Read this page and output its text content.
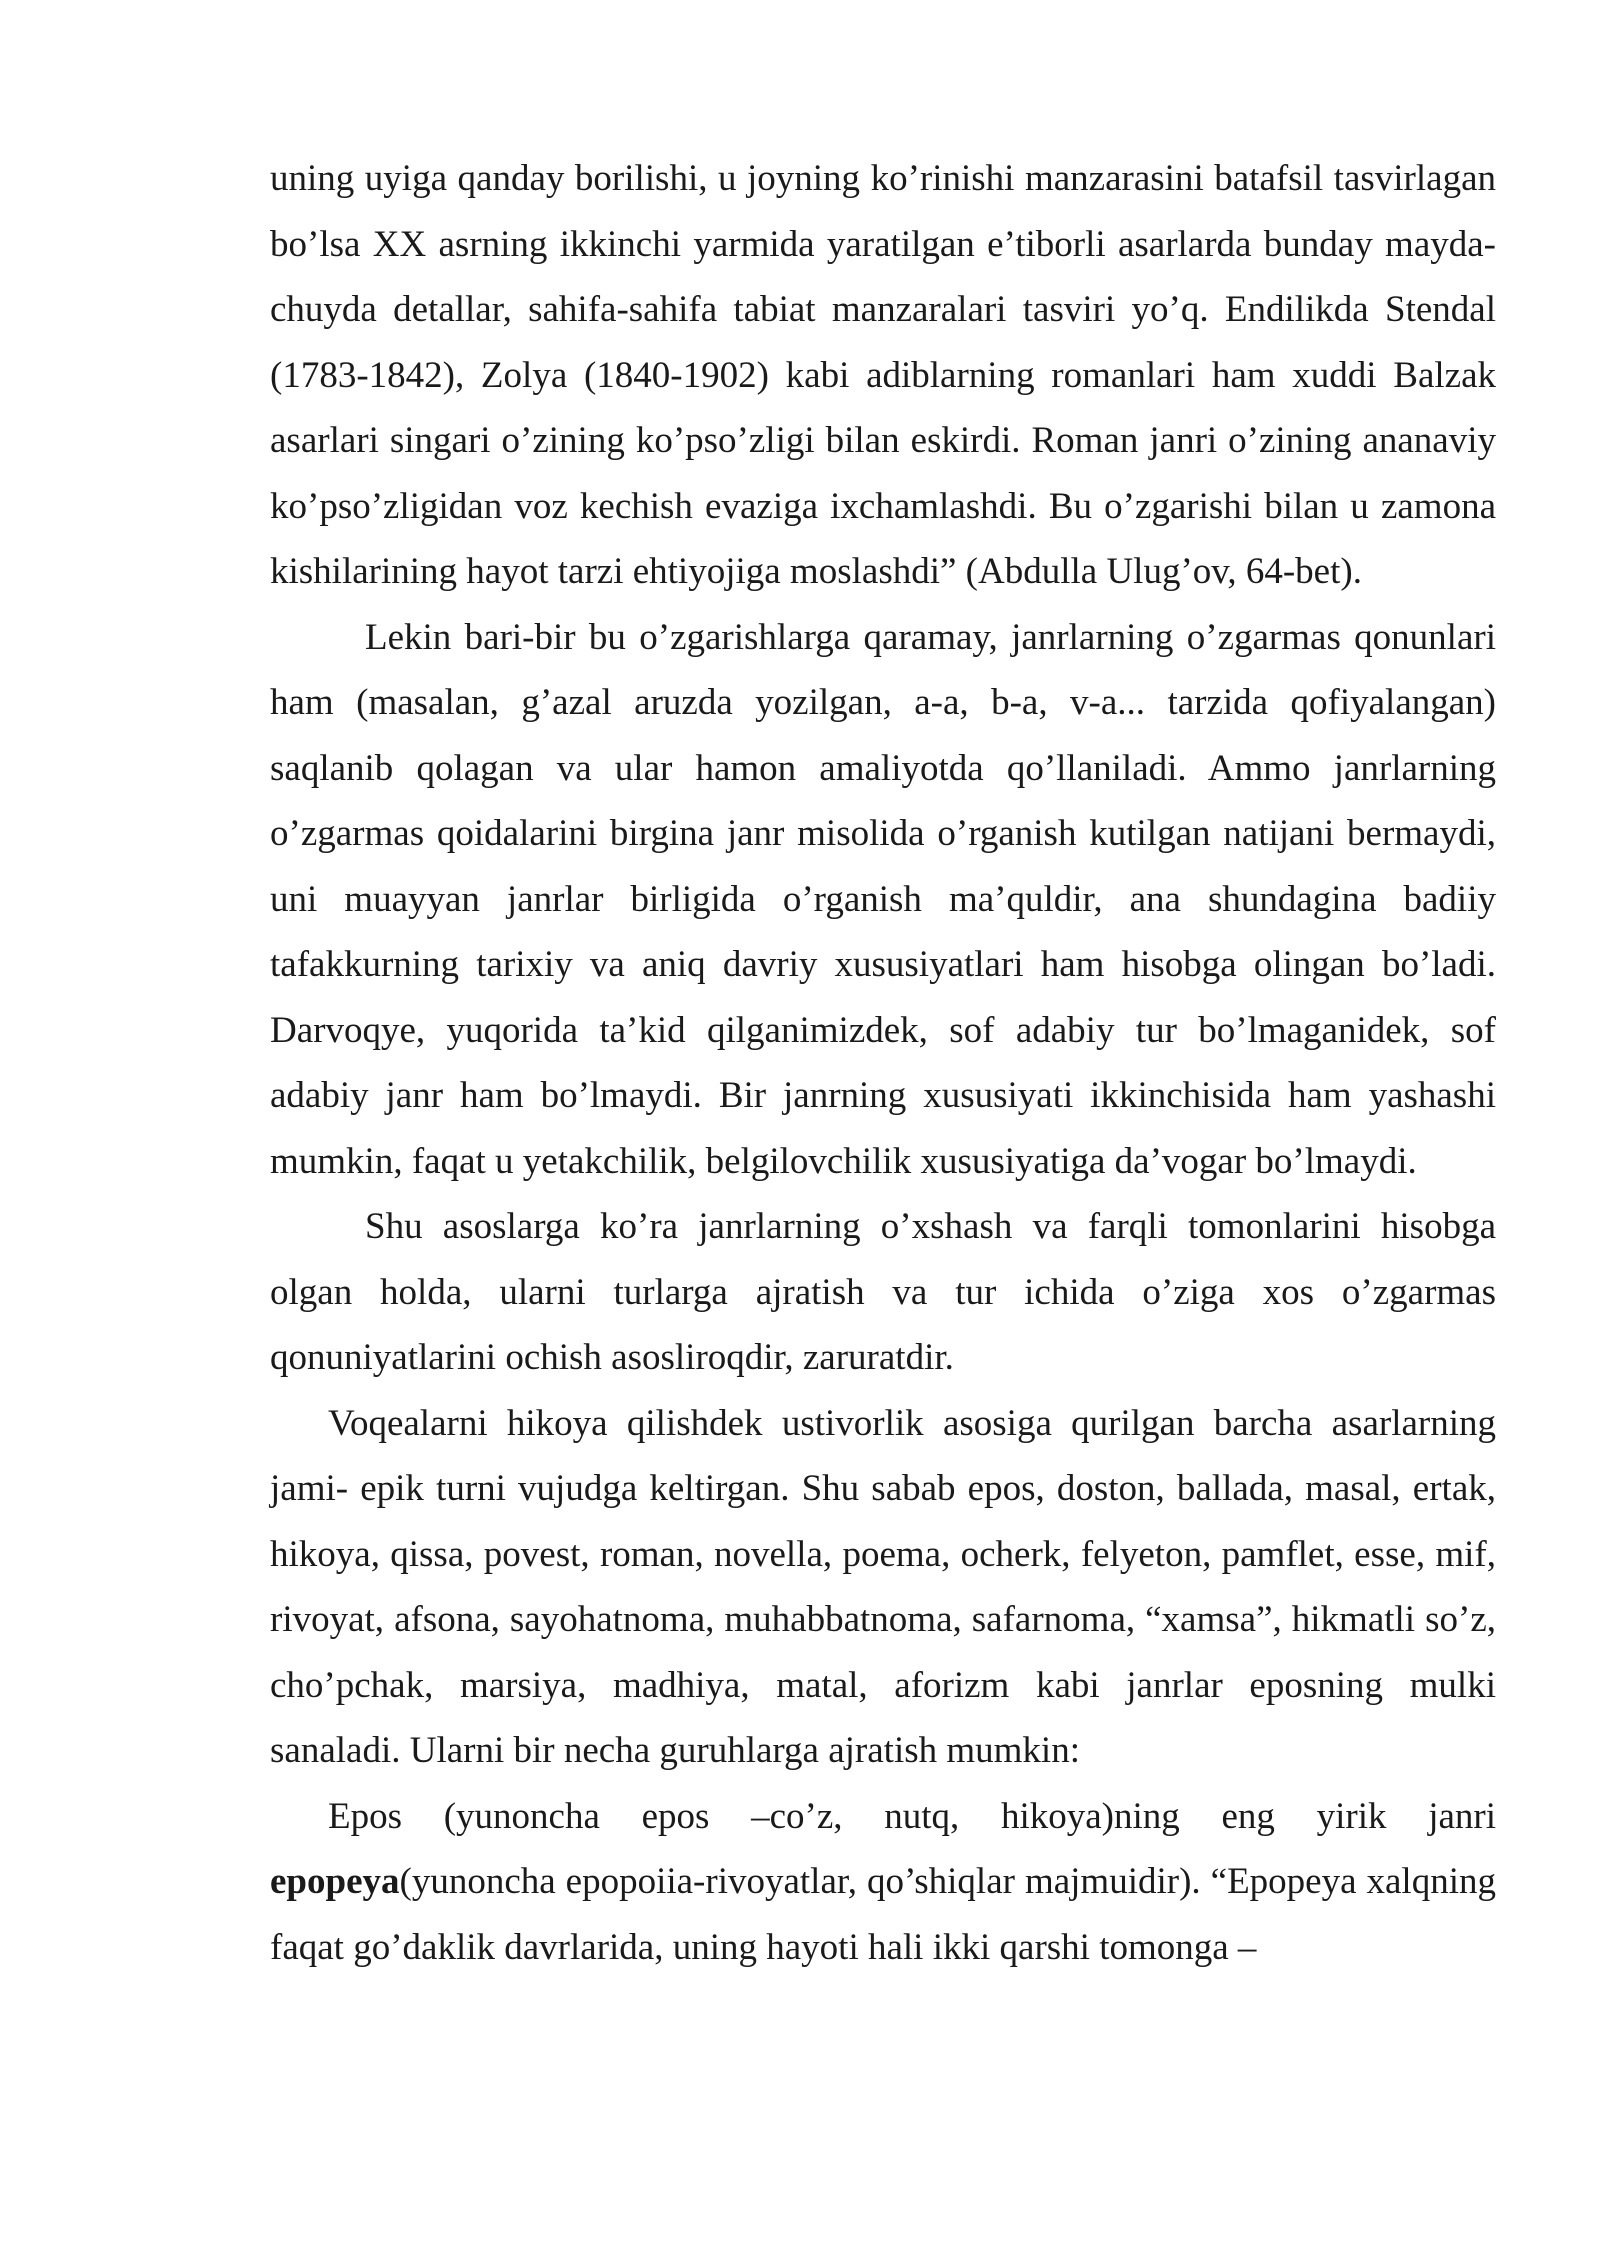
uning uyiga qanday borilishi, u joyning ko’rinishi manzarasini batafsil tasvirlagan bo’lsa XX asrning ikkinchi yarmida yaratilgan e’tiborli asarlarda bunday mayda-chuyda detallar, sahifa-sahifa tabiat manzaralari tasviri yo’q. Endilikda Stendal (1783-1842), Zolya (1840-1902) kabi adiblarning romanlari ham xuddi Balzak asarlari singari o’zining ko’pso’zligi bilan eskirdi. Roman janri o’zining ananaviy ko’pso’zligidan voz kechish evaziga ixchamlashdi. Bu o’zgarishi bilan u zamona kishilarining hayot tarzi ehtiyojiga moslashdi” (Abdulla Ulug’ov, 64-bet).

Lekin bari-bir bu o’zgarishlarga qaramay, janrlarning o’zgarmas qonunlari ham (masalan, g’azal aruzda yozilgan, a-a, b-a, v-a... tarzida qofiyalangan) saqlanib qolagan va ular hamon amaliyotda qo’llaniladi. Ammo janrlarning o’zgarmas qoidalarini birgina janr misolida o’rganish kutilgan natijani bermaydi, uni muayyan janrlar birligida o’rganish ma’quldir, ana shundagina badiiy tafakkurning tarixiy va aniq davriy xususiyatlari ham hisobga olingan bo’ladi. Darvoqye, yuqorida ta’kid qilganimizdek, sof adabiy tur bo’lmaganidek, sof adabiy janr ham bo’lmaydi. Bir janrning xususiyati ikkinchisida ham yashashi mumkin, faqat u yetakchilik, belgilovchilik xususiyatiga da’vogar bo’lmaydi.

Shu asoslarga ko’ra janrlarning o’xshash va farqli tomonlarini hisobga olgan holda, ularni turlarga ajratish va tur ichida o’ziga xos o’zgarmas qonuniyatlarini ochish asosliroqdir, zaruratdir.

Voqealarni hikoya qilishdek ustivorlik asosiga qurilgan barcha asarlarning jami- epik turni vujudga keltirgan. Shu sabab epos, doston, ballada, masal, ertak, hikoya, qissa, povest, roman, novella, poema, ocherk, felyeton, pamflet, esse, mif, rivoyat, afsona, sayohatnoma, muhabbatnoma, safarnoma, “xamsa”, hikmatli so’z, cho’pchak, marsiya, madhiya, matal, aforizm kabi janrlar eposning mulki sanaladi. Ularni bir necha guruhlarga ajratish mumkin:

Epos (yunoncha epos –co’z, nutq, hikoya)ning eng yirik janri epopeya(yunoncha epopoiia-rivoyatlar, qo’shiqlar majmuidir). “Epopeya xalqning faqat go’daklik davrlarida, uning hayoti hali ikki qarshi tomonga –
